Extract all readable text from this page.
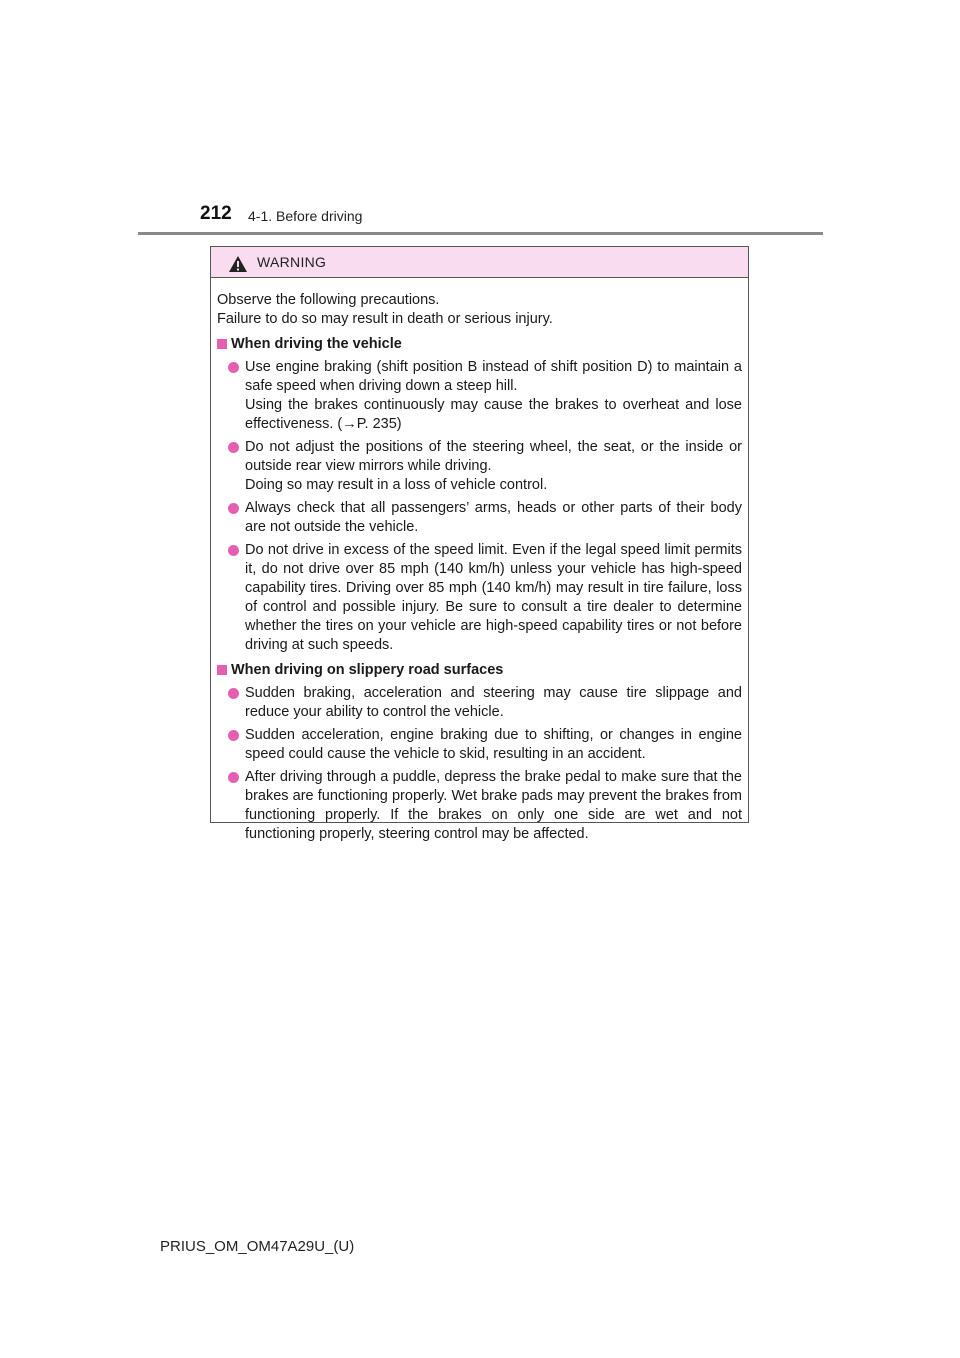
212 4-1. Before driving
WARNING

Observe the following precautions.

Failure to do so may result in death or serious injury.

When driving the vehicle
Use engine braking (shift position B instead of shift position D) to maintain a safe speed when driving down a steep hill.
Using the brakes continuously may cause the brakes to overheat and lose effectiveness. (→P. 235)
Do not adjust the positions of the steering wheel, the seat, or the inside or outside rear view mirrors while driving.
Doing so may result in a loss of vehicle control.
Always check that all passengers’ arms, heads or other parts of their body are not outside the vehicle.
Do not drive in excess of the speed limit. Even if the legal speed limit permits it, do not drive over 85 mph (140 km/h) unless your vehicle has high-speed capability tires. Driving over 85 mph (140 km/h) may result in tire failure, loss of control and possible injury. Be sure to consult a tire dealer to determine whether the tires on your vehicle are high-speed capability tires or not before driving at such speeds.
When driving on slippery road surfaces
Sudden braking, acceleration and steering may cause tire slippage and reduce your ability to control the vehicle.
Sudden acceleration, engine braking due to shifting, or changes in engine speed could cause the vehicle to skid, resulting in an accident.
After driving through a puddle, depress the brake pedal to make sure that the brakes are functioning properly. Wet brake pads may prevent the brakes from functioning properly. If the brakes on only one side are wet and not functioning properly, steering control may be affected.
PRIUS_OM_OM47A29U_(U)
